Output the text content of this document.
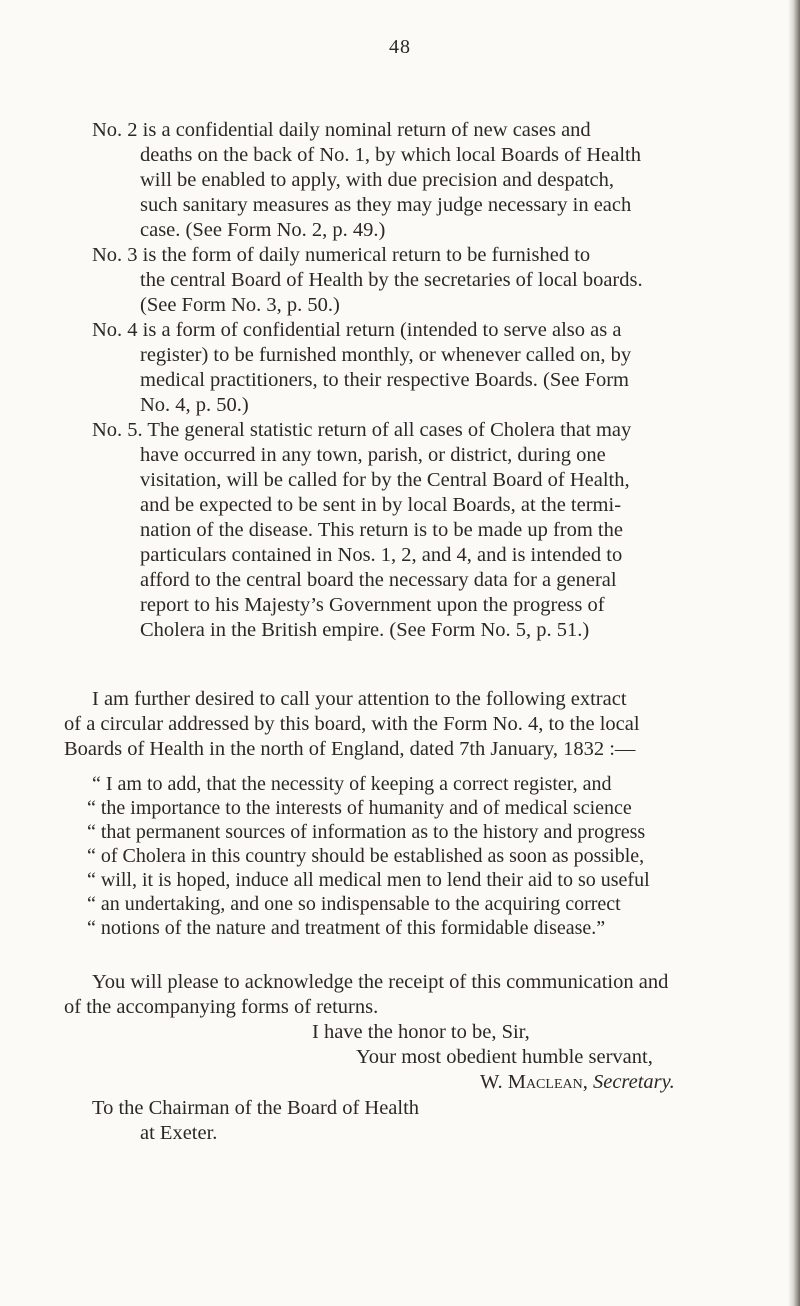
48
No. 2 is a confidential daily nominal return of new cases and
deaths on the back of No. 1, by which local Boards of Health
will be enabled to apply, with due precision and despatch,
such sanitary measures as they may judge necessary in each
case. (See Form No. 2, p. 49.)
No. 3 is the form of daily numerical return to be furnished to
the central Board of Health by the secretaries of local boards.
(See Form No. 3, p. 50.)
No. 4 is a form of confidential return (intended to serve also as a
register) to be furnished monthly, or whenever called on, by
medical practitioners, to their respective Boards. (See Form
No. 4, p. 50.)
No. 5. The general statistic return of all cases of Cholera that may
have occurred in any town, parish, or district, during one
visitation, will be called for by the Central Board of Health,
and be expected to be sent in by local Boards, at the termi-
nation of the disease. This return is to be made up from the
particulars contained in Nos. 1, 2, and 4, and is intended to
afford to the central board the necessary data for a general
report to his Majesty’s Government upon the progress of
Cholera in the British empire. (See Form No. 5, p. 51.)
I am further desired to call your attention to the following extract
of a circular addressed by this board, with the Form No. 4, to the local
Boards of Health in the north of England, dated 7th January, 1832 :—
“ I am to add, that the necessity of keeping a correct register, and
“ the importance to the interests of humanity and of medical science
“ that permanent sources of information as to the history and progress
“ of Cholera in this country should be established as soon as possible,
“ will, it is hoped, induce all medical men to lend their aid to so useful
“ an undertaking, and one so indispensable to the acquiring correct
“ notions of the nature and treatment of this formidable disease.”
You will please to acknowledge the receipt of this communication and
of the accompanying forms of returns.
I have the honor to be, Sir,
Your most obedient humble servant,
W. Maclean, Secretary.
To the Chairman of the Board of Health
at Exeter.
